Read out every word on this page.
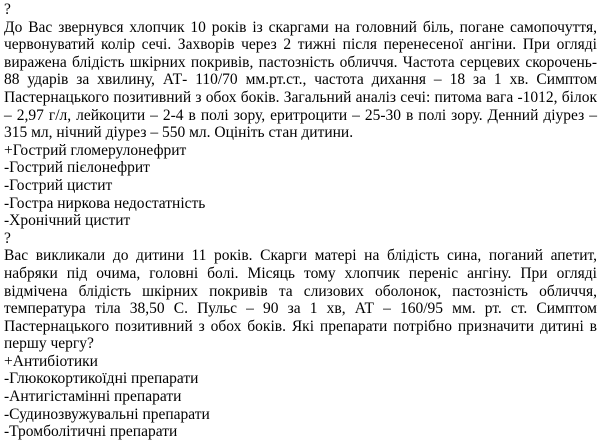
?

До Вас звернувся хлопчик 10 років із скаргами на головний біль, погане самопочуття, червонуватий колір сечі. Захворів через 2 тижні після перенесеної ангіни. При огляді виражена блідість шкірних покривів, пастозність обличчя. Частота серцевих скорочень- 88 ударів за хвилину, АТ- 110/70 мм.рт.ст., частота дихання – 18 за 1 хв. Симптом Пастернацького позитивний з обох боків. Загальний аналіз сечі: питома вага -1012, білок – 2,97 г/л, лейкоцити – 2-4 в полі зору, еритроцити – 25-30 в полі зору. Денний діурез – 315 мл, нічний діурез – 550 мл. Оцініть стан дитини.

+Гострий гломерулонефрит

-Гострий пієлонефрит

-Гострий цистит

-Гостра ниркова недостатність

-Хронічний цистит

?

Вас викликали до дитини 11 років. Скарги матері на блідість сина, поганий апетит, набряки під очима, головні болі. Місяць тому хлопчик переніс ангіну. При огляді відмічена блідість шкірних покривів та слизових оболонок, пастозність обличчя, температура тіла 38,50 С. Пульс – 90 за 1 хв, АТ – 160/95 мм. рт. ст. Симптом Пастернацького позитивний з обох боків. Які препарати потрібно призначити дитині в першу чергу?

+Антибіотики

-Глюкокортикоїдні препарати

-Антигістамінні препарати

-Судинозвужувальні препарати

-Тромболітичні препарати
